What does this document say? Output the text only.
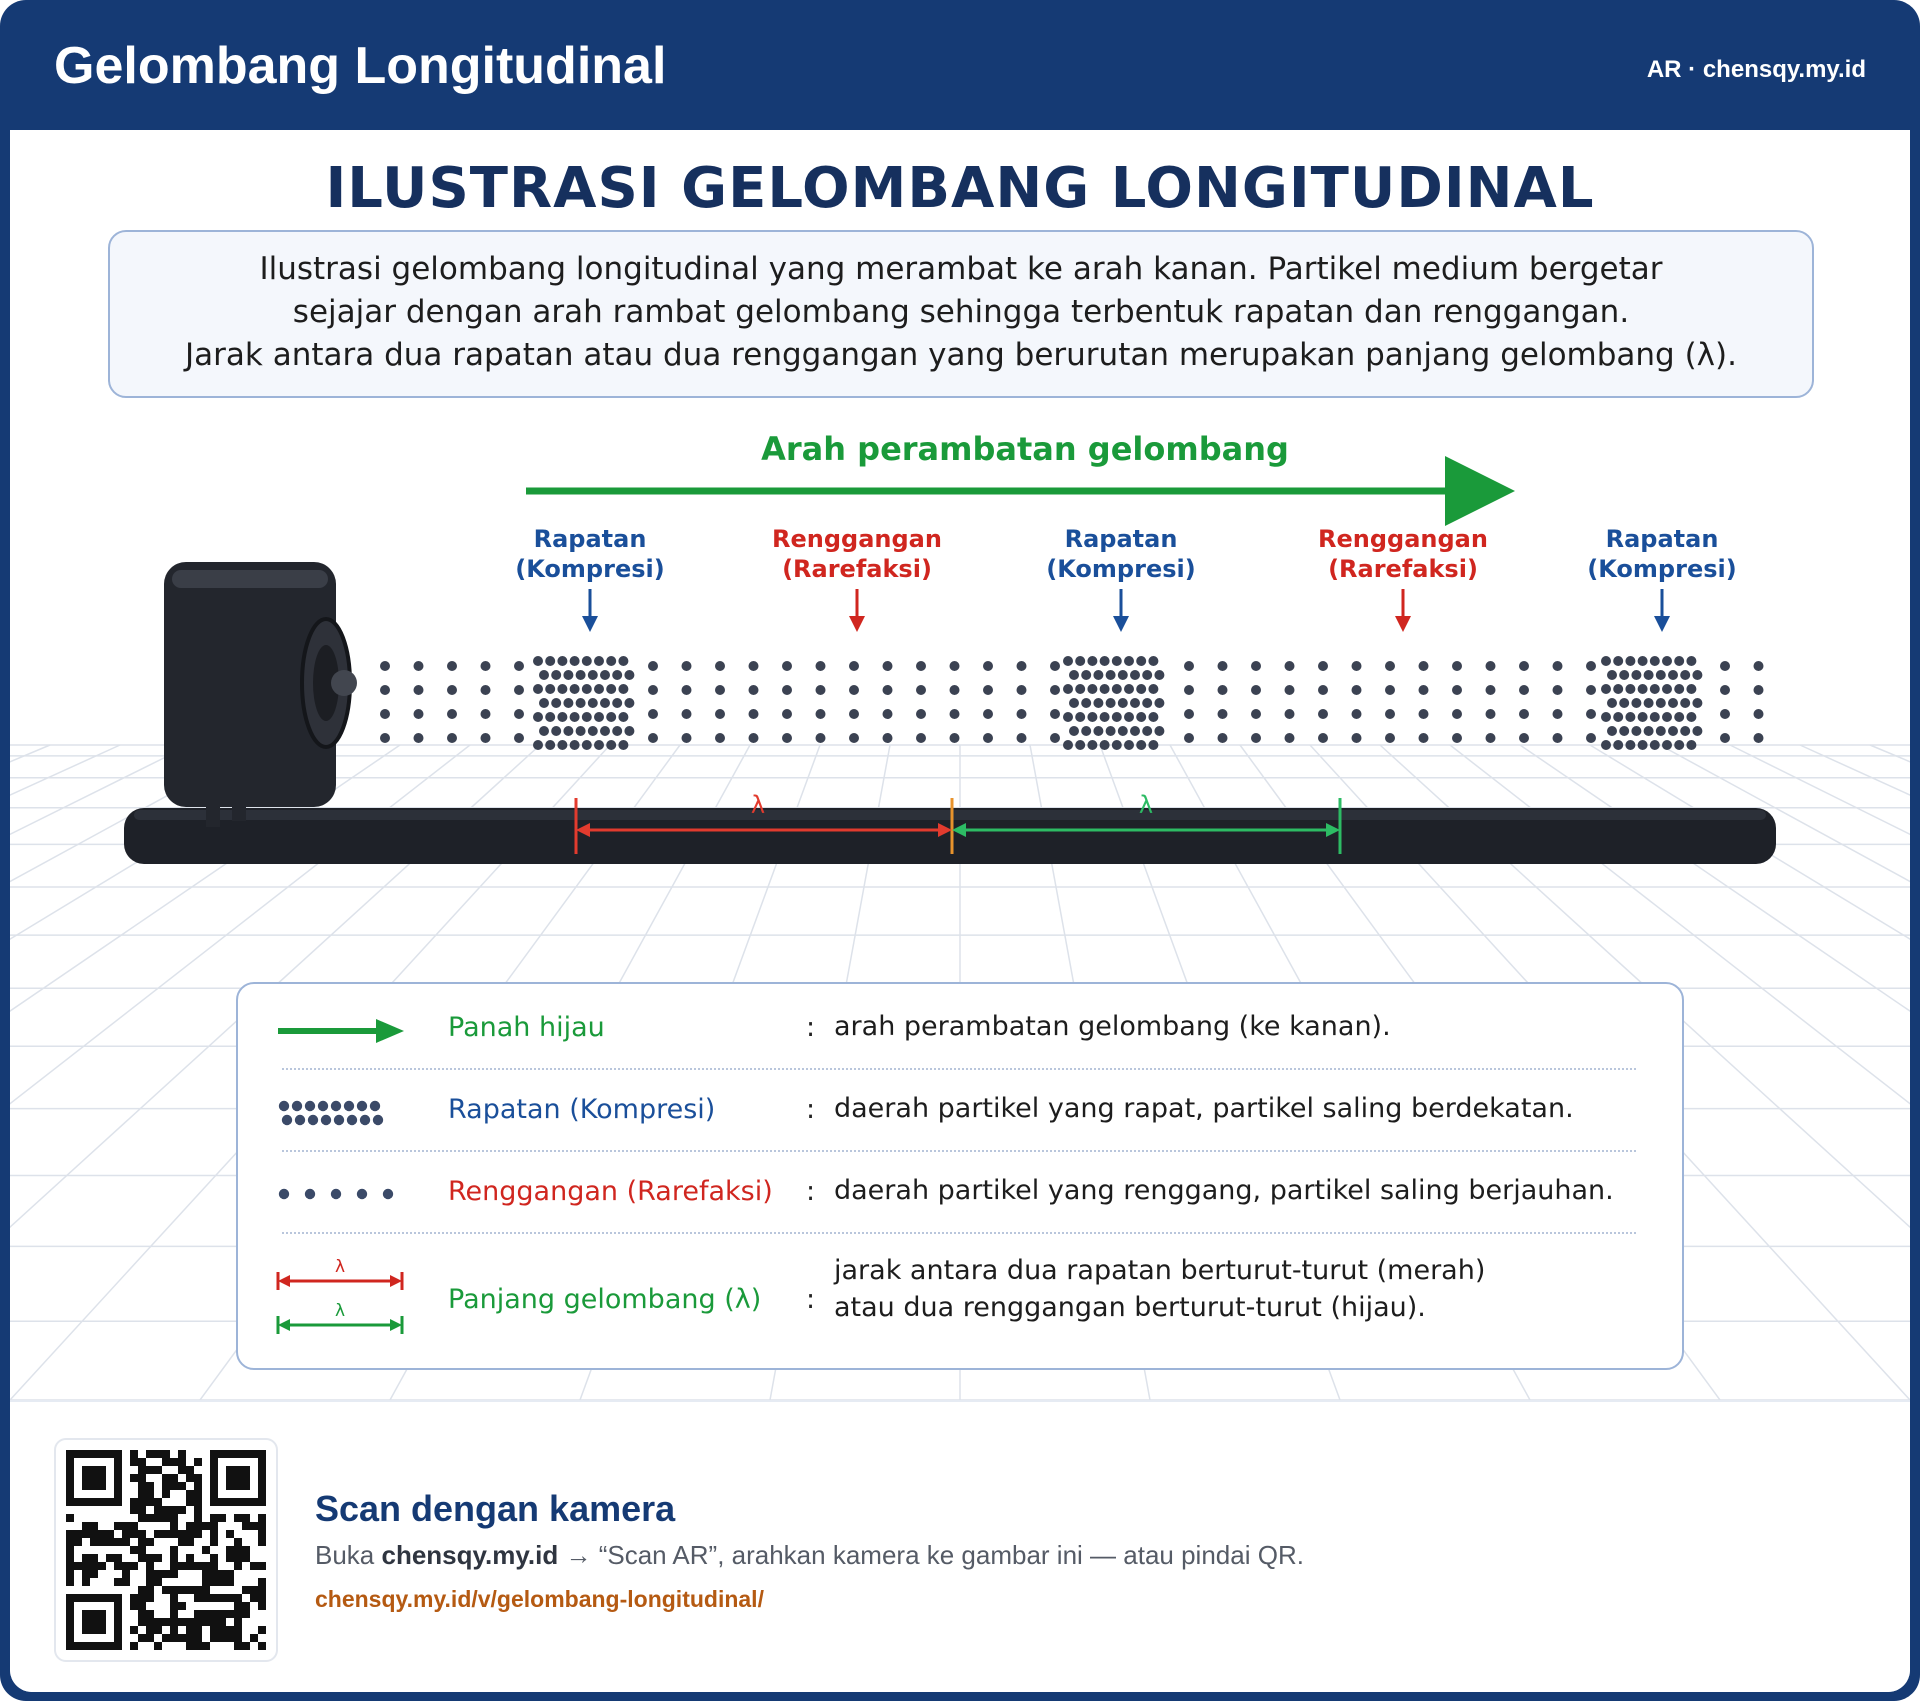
Gelombang Longitudinal	AR · chensqy.my.id
λ	λ
ILUSTRASI GELOMBANG LONGITUDINAL
Ilustrasi gelombang longitudinal yang merambat ke arah kanan. Partikel medium bergetar
sejajar dengan arah rambat gelombang sehingga terbentuk rapatan dan renggangan.
Jarak antara dua rapatan atau dua renggangan yang berurutan merupakan panjang gelombang (λ).
Arah perambatan gelombang
Rapatan
(Kompresi)
Renggangan
(Rarefaksi)
Rapatan
(Kompresi)
Renggangan
(Rarefaksi)
Rapatan
(Kompresi)
Panah hijau	: arah perambatan gelombang (ke kanan).
Rapatan (Kompresi)	: daerah partikel yang rapat, partikel saling berdekatan.
Renggangan (Rarefaksi) : daerah partikel yang renggang, partikel saling berjauhan.
λ
λ	Panjang gelombang (λ) :
jarak antara dua rapatan berturut-turut (merah)
atau dua renggangan berturut-turut (hijau).
Scan dengan kamera
Buka chensqy.my.id → “Scan AR”, arahkan kamera ke gambar ini — atau pindai QR.
chensqy.my.id/v/gelombang-longitudinal/
